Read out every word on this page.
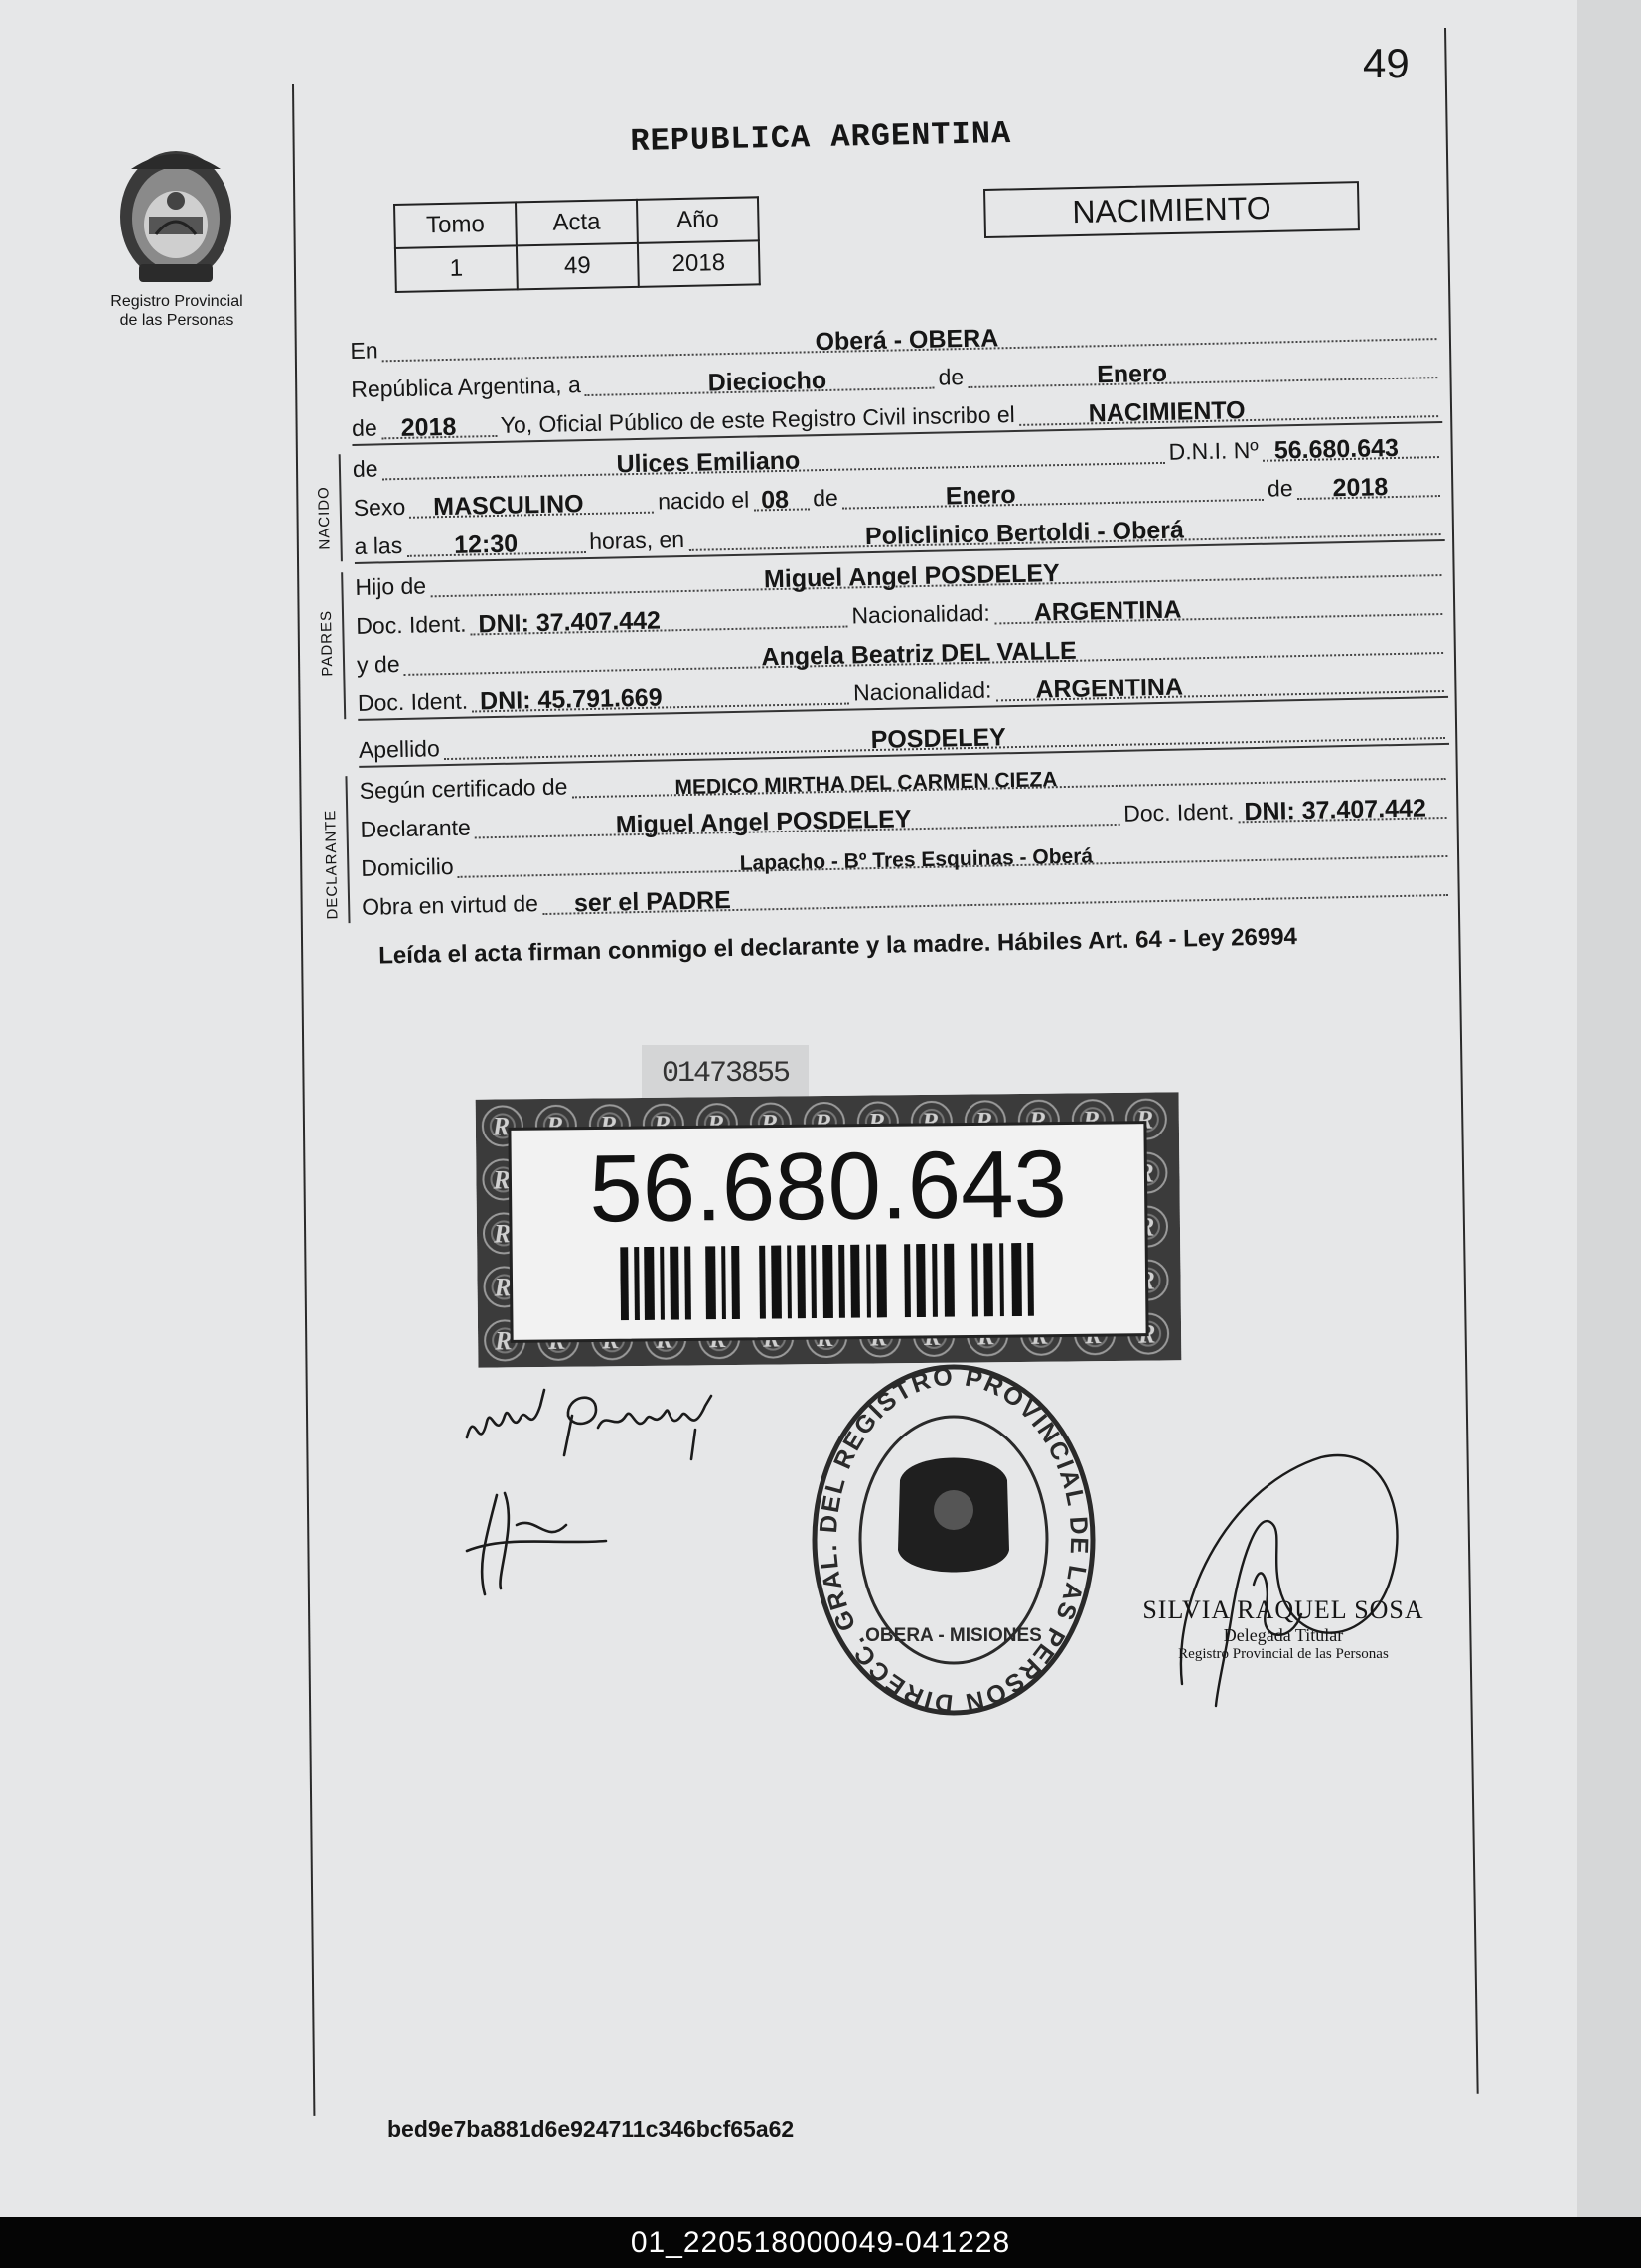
49
REPUBLICA ARGENTINA
Registro Provincial
de las Personas
Tomo	Acta	Año
1	49	2018
NACIMIENTO
En	Oberá - OBERA
República Argentina, a	Dieciocho	de	Enero
de 2018 Yo, Oficial Público de este Registro Civil inscribo el	NACIMIENTO
NACIDO
de	Ulices Emiliano	D.N.I. Nº 56.680.643
Sexo MASCULINO	nacido el 08 de	Enero	de 2018
a las 12:30	horas, en	Policlinico Bertoldi - Oberá
PADRES
Hijo de	Miguel Angel POSDELEY
Doc. Ident. DNI: 37.407.442	Nacionalidad: ARGENTINA
y de	Angela Beatriz DEL VALLE
Doc. Ident. DNI: 45.791.669	Nacionalidad: ARGENTINA
Apellido	POSDELEY
DECLARANTE
Según certificado de	MEDICO MIRTHA DEL CARMEN CIEZA
Declarante	Miguel Angel POSDELEY	Doc. Ident. DNI: 37.407.442
Domicilio	Lapacho - Bº Tres Esquinas - Oberá
Obra en virtud de ser el PADRE
Leída el acta firman conmigo el declarante y la madre. Hábiles Art. 64 - Ley 26994
01473855
56.680.643
DIRECC. GRAL. DEL REGISTRO PROVINCIAL DE LAS PERSON
OBERA - MISIONES
SILVIA RAQUEL SOSA
Delegada Titular
Registro Provincial de las Personas
bed9e7ba881d6e924711c346bcf65a62
01_220518000049-041228
